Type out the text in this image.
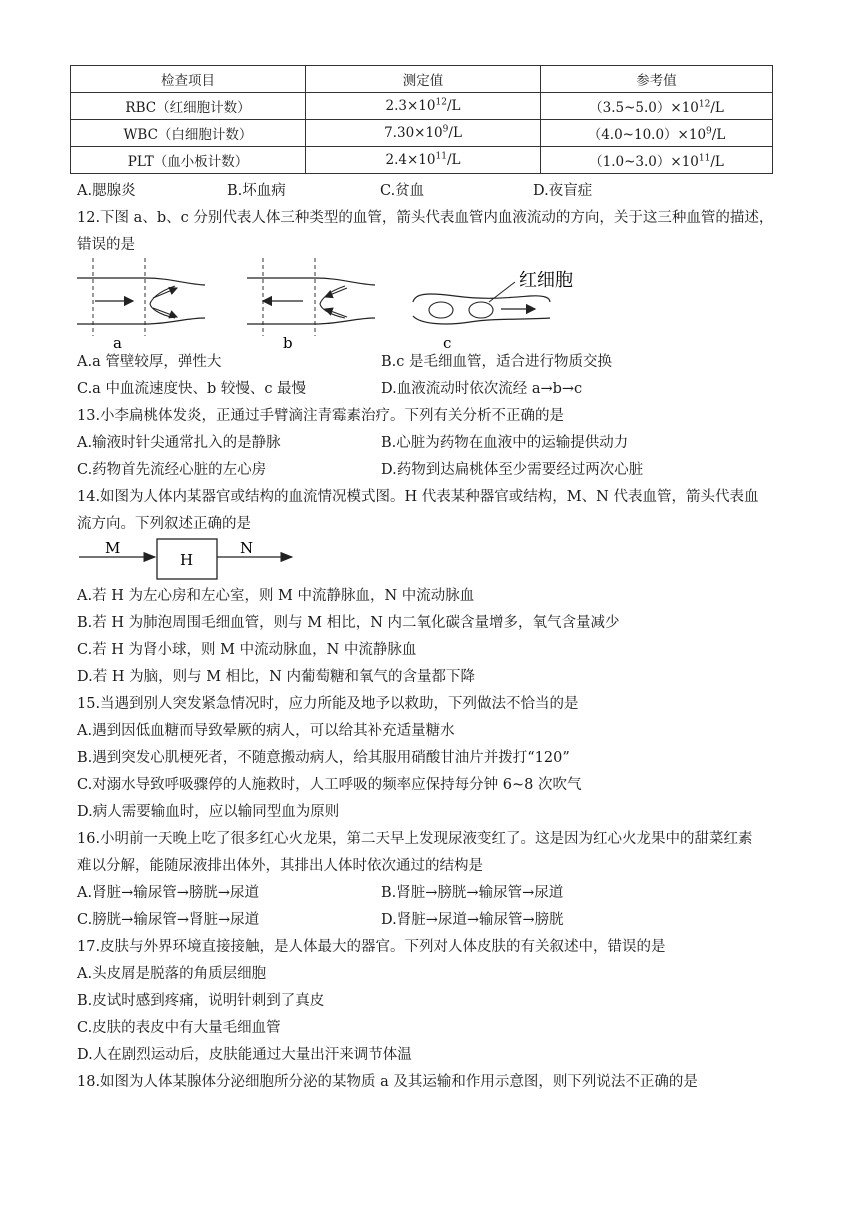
检查项目	测定值	参考值
RBC（红细胞计数）	$2.3\times 10^{12}/L$	$(3.5\sim 5.0)\times 10^{12}/L$
WBC（白细胞计数）	$7.30\times 10^9/L$	$(4.0\sim 10.0)\times 10^9/L$
PLT（血小板计数）	$2.4\times 10^{11}/L$	$(1.0\sim 3.0)\times 10^{11}/L$
A.腮腺炎	B.坏血病	C.贫血	D.夜盲症
12.下图 a、b、c 分别代表人体三种类型的血管，箭头代表血管内血液流动的方向，关于这三种血管的描述，
错误的是
a	b
红细胞
c
A.a 管壁较厚，弹性大	B.c 是毛细血管，适合进行物质交换
C.a 中血流速度快、b 较慢、c 最慢	D.血液流动时依次流经 a→b→c
13.小李扁桃体发炎，正通过手臂滴注青霉素治疗。下列有关分析不正确的是
A.输液时针尖通常扎入的是静脉	B.心脏为药物在血液中的运输提供动力
C.药物首先流经心脏的左心房	D.药物到达扁桃体至少需要经过两次心脏
14.如图为人体内某器官或结构的血流情况模式图。H 代表某种器官或结构，M、N 代表血管，箭头代表血
流方向。下列叙述正确的是
M
H
N
A.若 H 为左心房和左心室，则 M 中流静脉血，N 中流动脉血
B.若 H 为肺泡周围毛细血管，则与 M 相比，N 内二氧化碳含量增多，氧气含量减少
C.若 H 为肾小球，则 M 中流动脉血，N 中流静脉血
D.若 H 为脑，则与 M 相比，N 内葡萄糖和氧气的含量都下降
15.当遇到别人突发紧急情况时，应力所能及地予以救助，下列做法不恰当的是
A.遇到因低血糖而导致晕厥的病人，可以给其补充适量糖水
B.遇到突发心肌梗死者，不随意搬动病人，给其服用硝酸甘油片并拨打“120”
C.对溺水导致呼吸骤停的人施救时，人工呼吸的频率应保持每分钟 6~8 次吹气
D.病人需要输血时，应以输同型血为原则
16.小明前一天晚上吃了很多红心火龙果，第二天早上发现尿液变红了。这是因为红心火龙果中的甜菜红素
难以分解，能随尿液排出体外，其排出人体时依次通过的结构是
A.肾脏→输尿管→膀胱→尿道	B.肾脏→膀胱→输尿管→尿道
C.膀胱→输尿管→肾脏→尿道	D.肾脏→尿道→输尿管→膀胱
17.皮肤与外界环境直接接触，是人体最大的器官。下列对人体皮肤的有关叙述中，错误的是
A.头皮屑是脱落的角质层细胞
B.皮试时感到疼痛，说明针刺到了真皮
C.皮肤的表皮中有大量毛细血管
D.人在剧烈运动后，皮肤能通过大量出汗来调节体温
18.如图为人体某腺体分泌细胞所分泌的某物质 a 及其运输和作用示意图，则下列说法不正确的是
